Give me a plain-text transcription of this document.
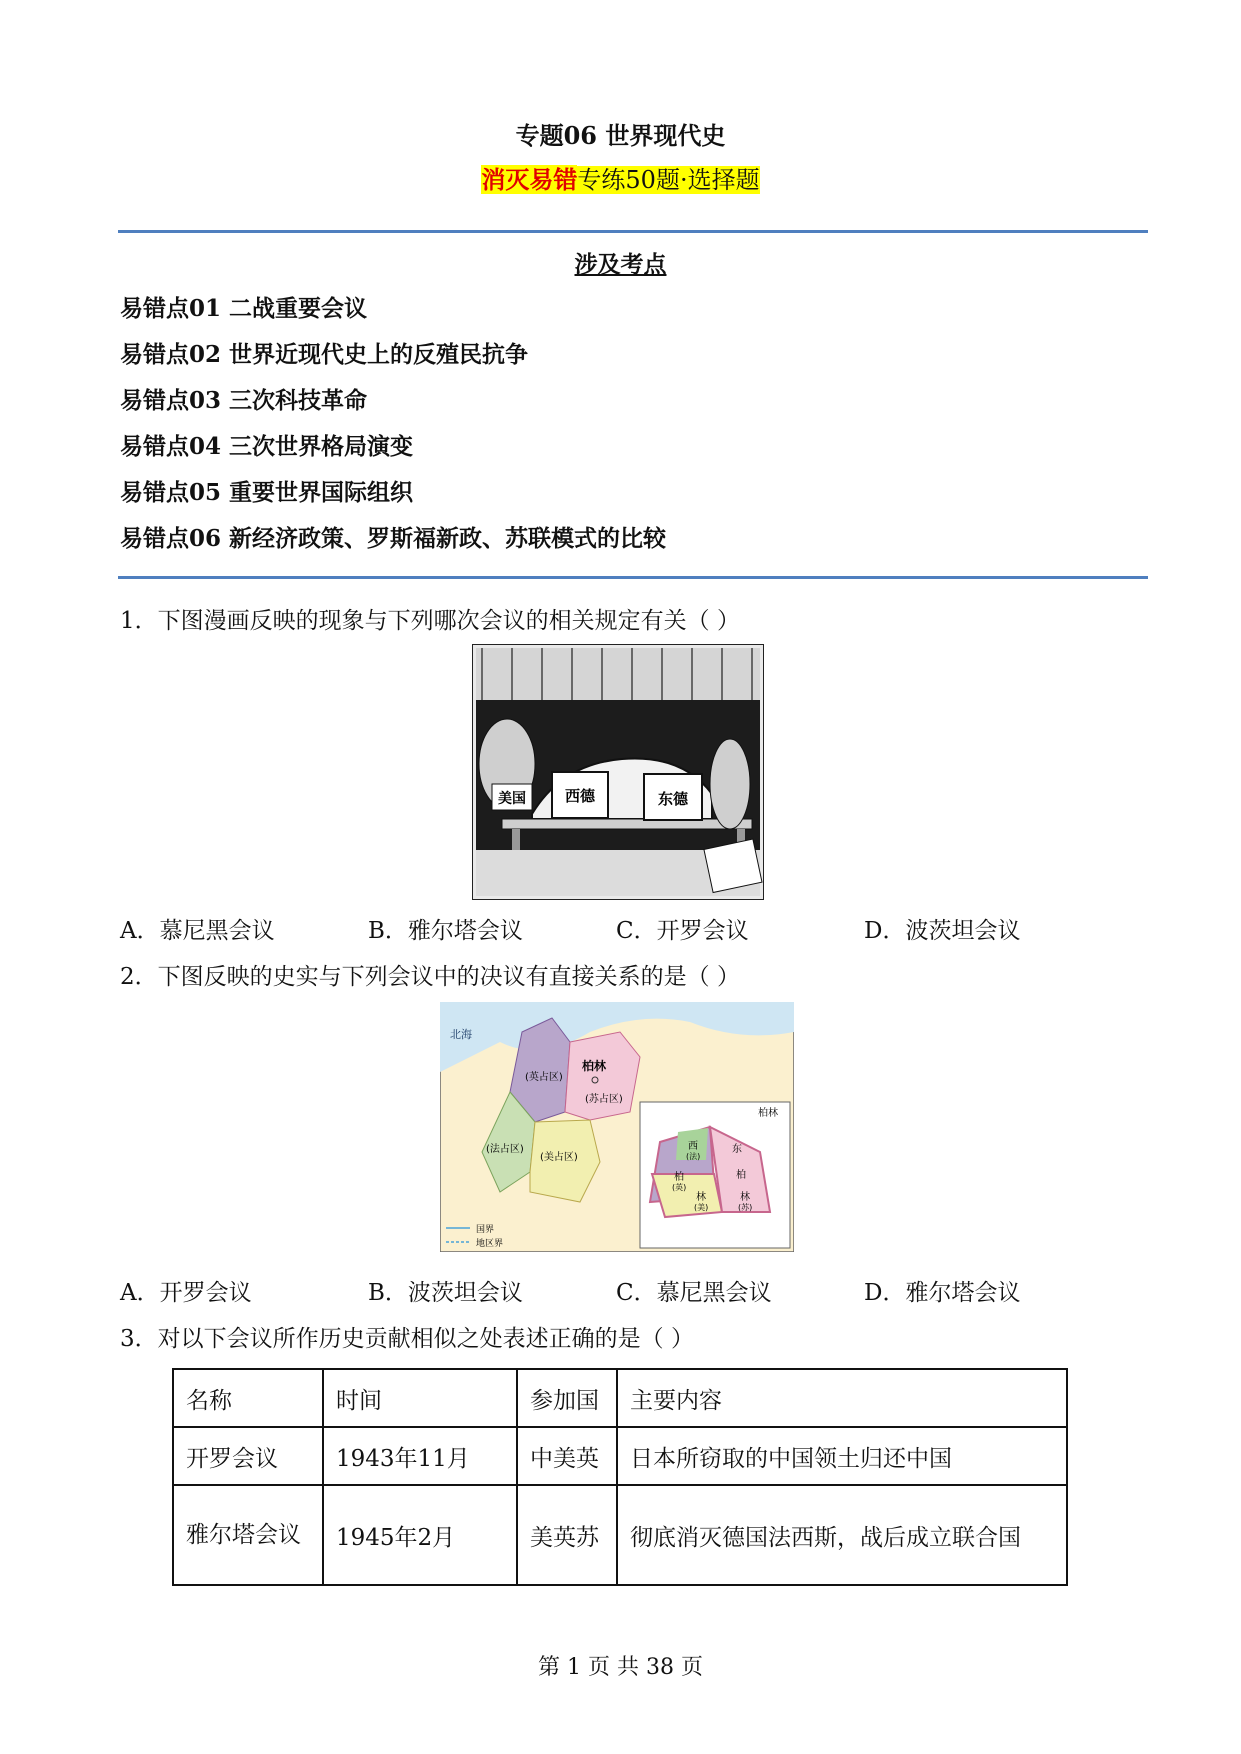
专题06 世界现代史
消灭易错专练50题·选择题
涉及考点
易错点01 二战重要会议
易错点02 世界近现代史上的反殖民抗争
易错点03 三次科技革命
易错点04 三次世界格局演变
易错点05 重要世界国际组织
易错点06 新经济政策、罗斯福新政、苏联模式的比较
1．下图漫画反映的现象与下列哪次会议的相关规定有关（ ）
美国	西德	东德
A．慕尼黑会议	B．雅尔塔会议	C．开罗会议	D．波茨坦会议
2．下图反映的史实与下列会议中的决议有直接关系的是（ ）
北海
(英占区)
柏林
(苏占区)
(法占区)
(美占区)
柏林
西
(法)
柏
(英)
林
(美)
东
柏
林
(苏)
国界
地区界
A．开罗会议	B．波茨坦会议	C．慕尼黑会议	D．雅尔塔会议
3．对以下会议所作历史贡献相似之处表述正确的是（ ）
名称	时间	参加国	主要内容
开罗会议	1943年11月	中美英	日本所窃取的中国领土归还中国
雅尔塔会议	1945年2月	美英苏	彻底消灭德国法西斯，战后成立联合国
第 1 页 共 38 页
